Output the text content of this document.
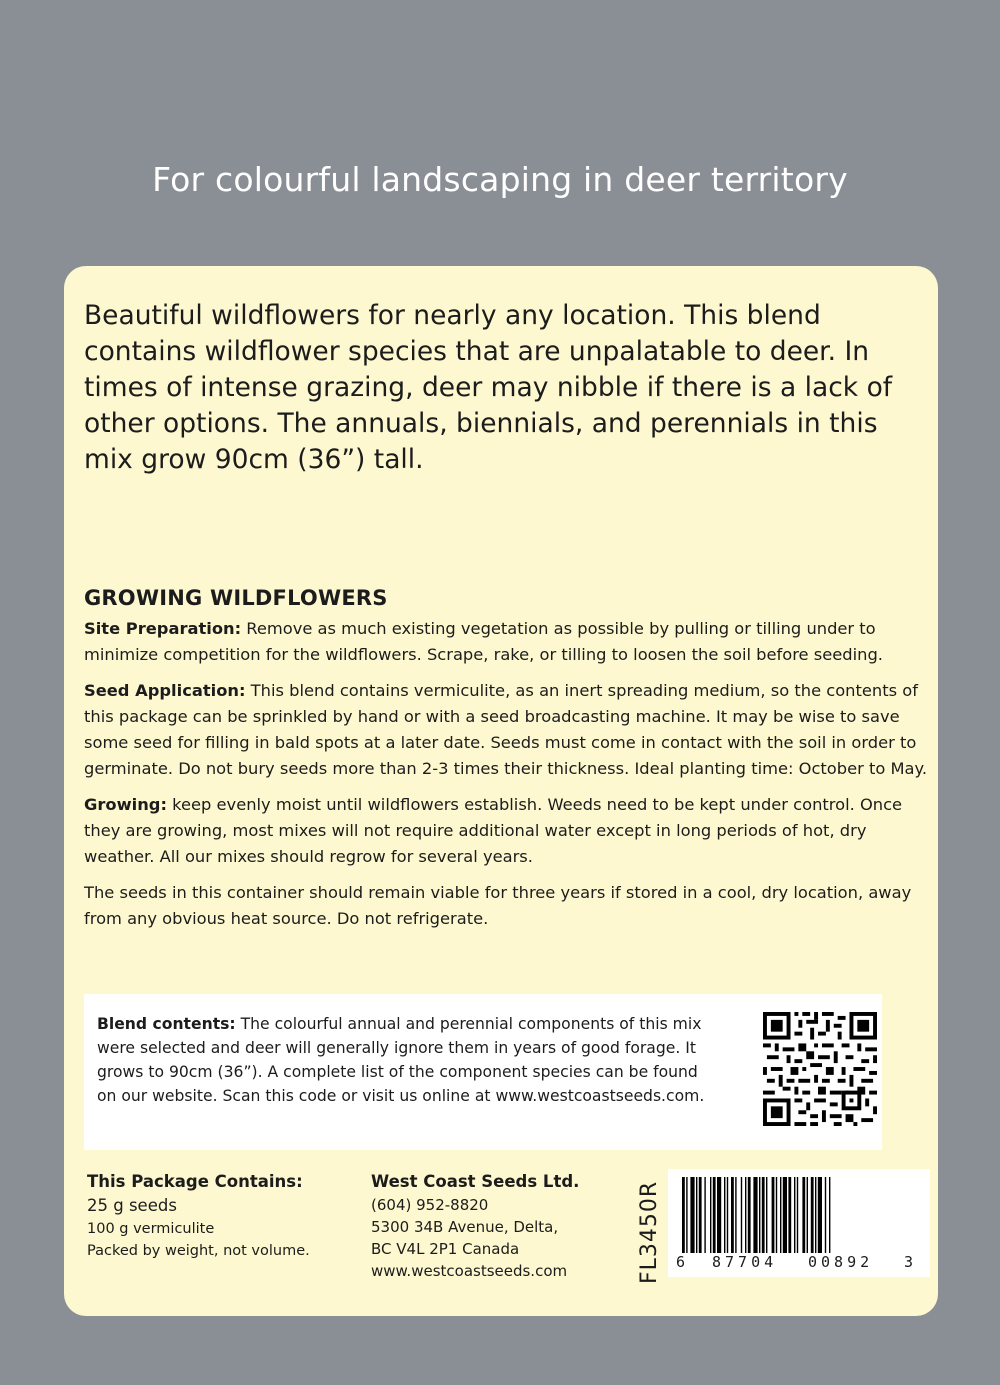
For colourful landscaping in deer territory

Beautiful wildflowers for nearly any location. This blend contains wildflower species that are unpalatable to deer. In times of intense grazing, deer may nibble if there is a lack of other options. The annuals, biennials, and perennials in this mix grow 90cm (36”) tall.

GROWING WILDFLOWERS

Site Preparation: Remove as much existing vegetation as possible by pulling or tilling under to minimize competition for the wildflowers. Scrape, rake, or tilling to loosen the soil before seeding.

Seed Application: This blend contains vermiculite, as an inert spreading medium, so the contents of this package can be sprinkled by hand or with a seed broadcasting machine. It may be wise to save some seed for filling in bald spots at a later date. Seeds must come in contact with the soil in order to germinate. Do not bury seeds more than 2-3 times their thickness. Ideal planting time: October to May.

Growing: keep evenly moist until wildflowers establish. Weeds need to be kept under control. Once they are growing, most mixes will not require additional water except in long periods of hot, dry weather. All our mixes should regrow for several years.

The seeds in this container should remain viable for three years if stored in a cool, dry location, away from any obvious heat source. Do not refrigerate.

Blend contents: The colourful annual and perennial components of this mix were selected and deer will generally ignore them in years of good forage. It grows to 90cm (36”). A complete list of the component species can be found on our website. Scan this code or visit us online at www.westcoastseeds.com.

This Package Contains:
25 g seeds
100 g vermiculite
Packed by weight, not volume.
West Coast Seeds Ltd.
(604) 952-8820
5300 34B Avenue, Delta,
BC V4L 2P1 Canada
www.westcoastseeds.com	FL3450R 6 87704 00892 3
